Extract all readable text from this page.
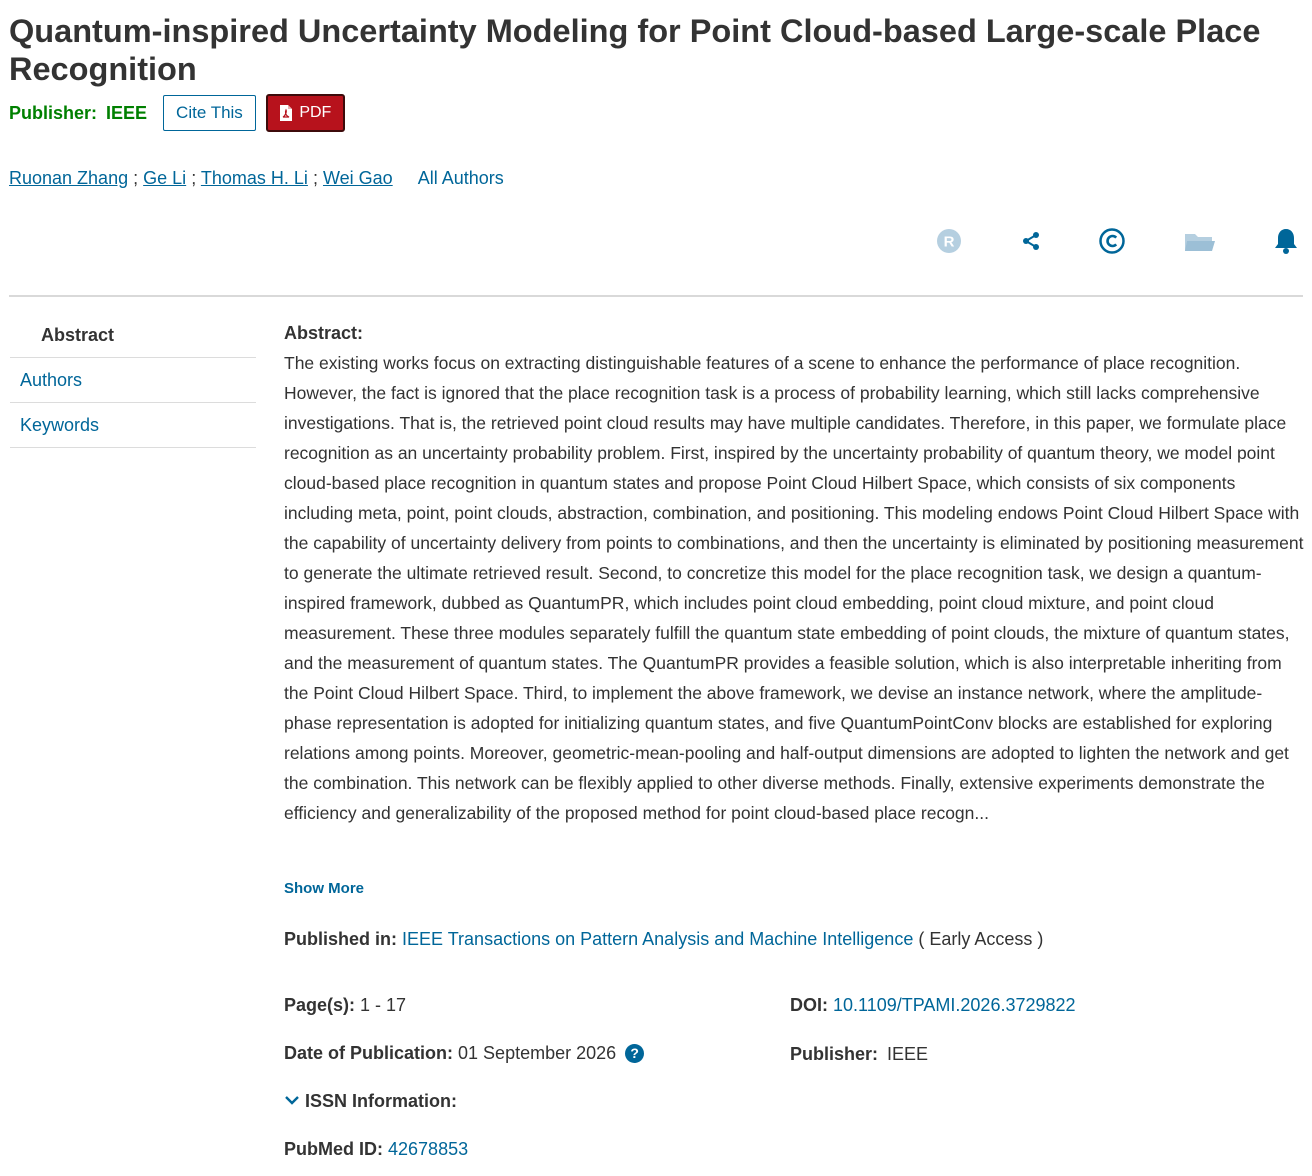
Quantum-inspired Uncertainty Modeling for Point Cloud-based Large-scale Place Recognition
Publisher: IEEE	Cite This	PDF
Ruonan Zhang ; Ge Li ; Thomas H. Li ; Wei Gao All Authors
R
Abstract
Authors
Keywords
Abstract:

The existing works focus on extracting distinguishable features of a scene to enhance the performance of place recognition. However, the fact is ignored that the place recognition task is a process of probability learning, which still lacks comprehensive investigations. That is, the retrieved point cloud results may have multiple candidates. Therefore, in this paper, we formulate place recognition as an uncertainty probability problem. First, inspired by the uncertainty probability of quantum theory, we model point cloud-based place recognition in quantum states and propose Point Cloud Hilbert Space, which consists of six components including meta, point, point clouds, abstraction, combination, and positioning. This modeling endows Point Cloud Hilbert Space with the capability of uncertainty delivery from points to combinations, and then the uncertainty is eliminated by positioning measurement to generate the ultimate retrieved result. Second, to concretize this model for the place recognition task, we design a quantum-inspired framework, dubbed as QuantumPR, which includes point cloud embedding, point cloud mixture, and point cloud measurement. These three modules separately fulfill the quantum state embedding of point clouds, the mixture of quantum states, and the measurement of quantum states. The QuantumPR provides a feasible solution, which is also interpretable inheriting from the Point Cloud Hilbert Space. Third, to implement the above framework, we devise an instance network, where the amplitude-phase representation is adopted for initializing quantum states, and five QuantumPointConv blocks are established for exploring relations among points. Moreover, geometric-mean-pooling and half-output dimensions are adopted to lighten the network and get the combination. This network can be flexibly applied to other diverse methods. Finally, extensive experiments demonstrate the efficiency and generalizability of the proposed method for point cloud-based place recogn...

Show More
Published in: IEEE Transactions on Pattern Analysis and Machine Intelligence ( Early Access )
Page(s): 1 - 17	DOI: 10.1109/TPAMI.2026.3729822
Date of Publication: 01 September 2026 ?	Publisher: IEEE
ISSN Information:
PubMed ID: 42678853
